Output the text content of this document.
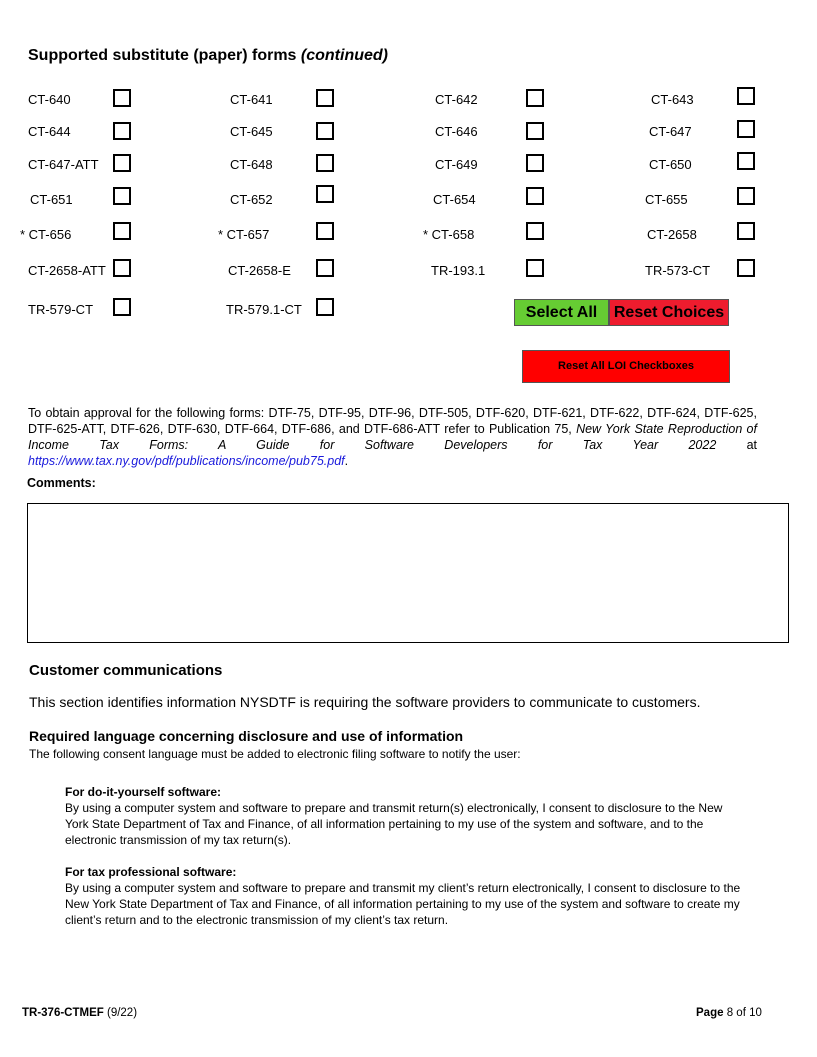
Supported substitute (paper) forms (continued)
CT-640	CT-641	CT-642	CT-643
CT-644	CT-645	CT-646	CT-647
CT-647-ATT	CT-648	CT-649	CT-650
CT-651	CT-652	CT-654	CT-655
* CT-656	* CT-657	* CT-658	CT-2658
CT-2658-ATT	CT-2658-E	TR-193.1	TR-573-CT
TR-579-CT	TR-579.1-CT	Select All	Reset Choices
Reset All LOI Checkboxes
To obtain approval for the following forms: DTF-75, DTF-95, DTF-96, DTF-505, DTF-620, DTF-621, DTF-622, DTF-624, DTF-625, DTF-625-ATT, DTF-626, DTF-630, DTF-664, DTF-686, and DTF-686-ATT refer to Publication 75, New York State Reproduction of Income Tax Forms: A Guide for Software Developers for Tax Year 2022 at https://www.tax.ny.gov/pdf/publications/income/pub75.pdf.
Comments:
Customer communications
This section identifies information NYSDTF is requiring the software providers to communicate to customers.
Required language concerning disclosure and use of information
The following consent language must be added to electronic filing software to notify the user:
For do-it-yourself software:
By using a computer system and software to prepare and transmit return(s) electronically, I consent to disclosure to the New York State Department of Tax and Finance, of all information pertaining to my use of the system and software, and to the electronic transmission of my tax return(s).
For tax professional software:
By using a computer system and software to prepare and transmit my client’s return electronically, I consent to disclosure to the New York State Department of Tax and Finance, of all information pertaining to my use of the system and software to create my client’s return and to the electronic transmission of my client’s tax return.
TR-376-CTMEF (9/22)	Page 8 of 10
